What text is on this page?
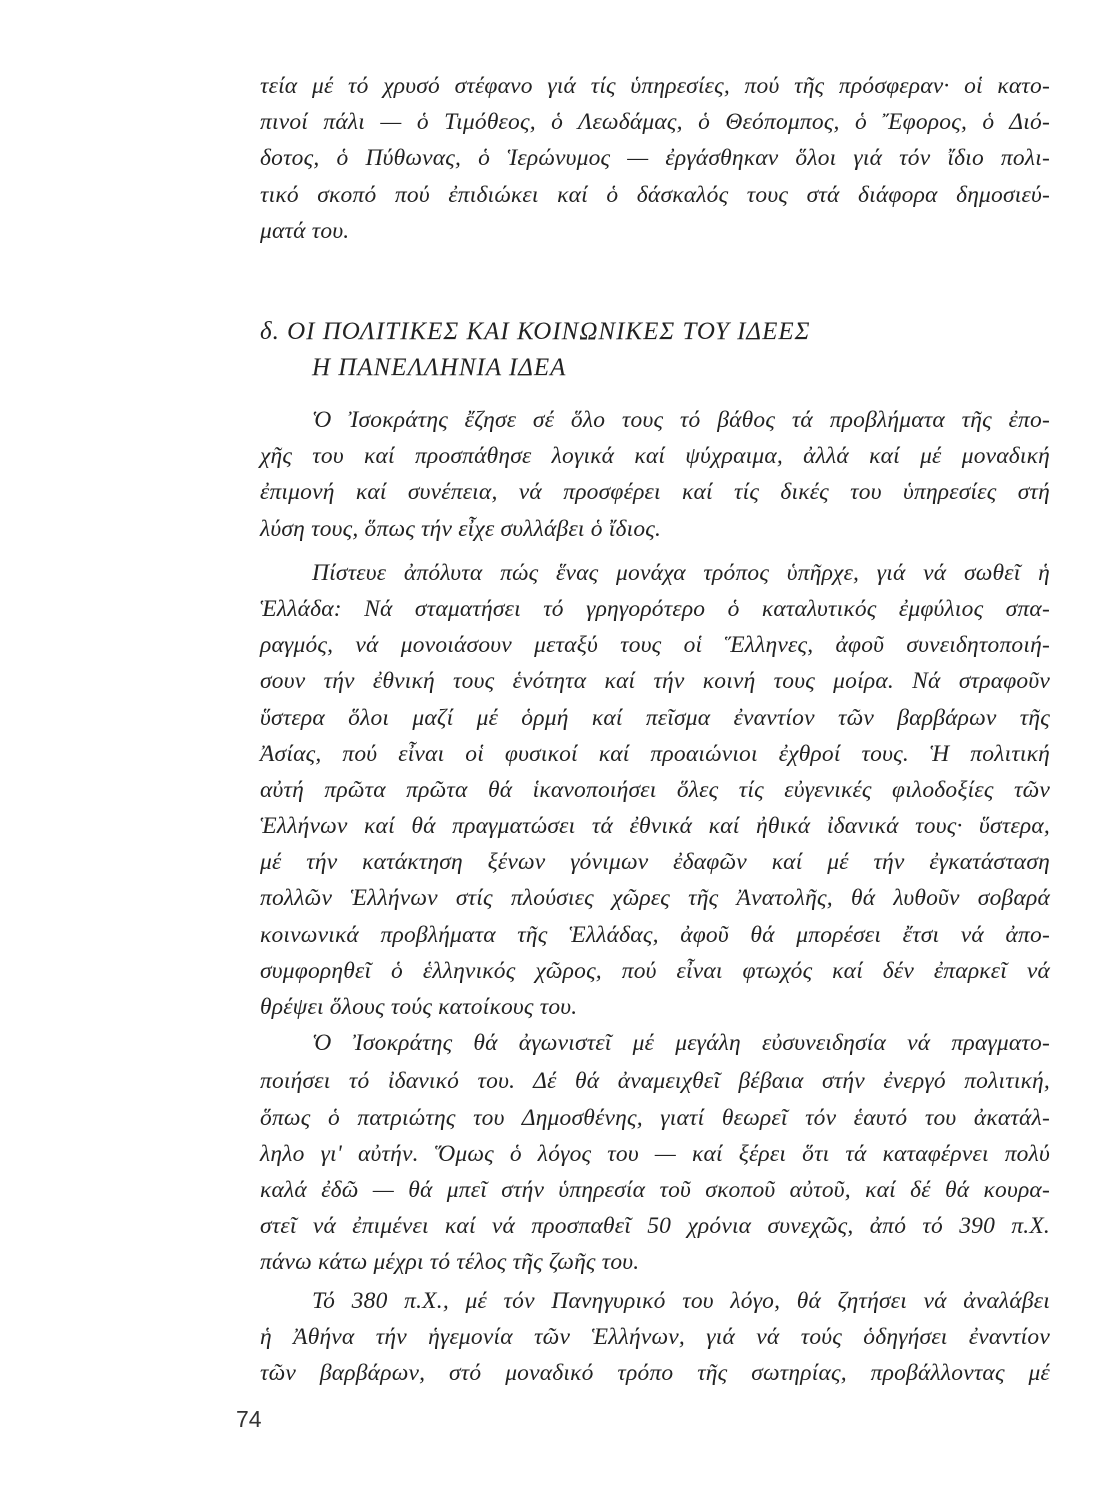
τεία μέ τό χρυσό στέφανο γιά τίς ὑπηρεσίες, πού τῆς πρόσφεραν· οἱ κατο-
πινοί πάλι — ὁ Τιμόθεος, ὁ Λεωδάμας, ὁ Θεόπομπος, ὁ Ἔφορος, ὁ Διό-
δοτος, ὁ Πύθωνας, ὁ Ἱερώνυμος — ἐργάσθηκαν ὅλοι γιά τόν ἴδιο πολι-
τικό σκοπό πού ἐπιδιώκει καί ὁ δάσκαλός τους στά διάφορα δημοσιεύ-
ματά του.
δ. ΟΙ ΠΟΛΙΤΙΚΕΣ ΚΑΙ ΚΟΙΝΩΝΙΚΕΣ ΤΟΥ ΙΔΕΕΣ
Η ΠΑΝΕΛΛΗΝΙΑ ΙΔΕΑ
Ὁ Ἰσοκράτης ἔζησε σέ ὅλο τους τό βάθος τά προβλήματα τῆς ἐπο-
χῆς του καί προσπάθησε λογικά καί ψύχραιμα, ἀλλά καί μέ μοναδική
ἐπιμονή καί συνέπεια, νά προσφέρει καί τίς δικές του ὑπηρεσίες στή
λύση τους, ὅπως τήν εἶχε συλλάβει ὁ ἴδιος.
Πίστευε ἀπόλυτα πώς ἕνας μονάχα τρόπος ὑπῆρχε, γιά νά σωθεῖ ἡ
Ἑλλάδα: Νά σταματήσει τό γρηγορότερο ὁ καταλυτικός ἐμφύλιος σπα-
ραγμός, νά μονοιάσουν μεταξύ τους οἱ Ἕλληνες, ἀφοῦ συνειδητοποιή-
σουν τήν ἐθνική τους ἑνότητα καί τήν κοινή τους μοίρα. Νά στραφοῦν
ὕστερα ὅλοι μαζί μέ ὁρμή καί πεῖσμα ἐναντίον τῶν βαρβάρων τῆς
Ἀσίας, πού εἶναι οἱ φυσικοί καί προαιώνιοι ἐχθροί τους. Ἡ πολιτική
αὐτή πρῶτα πρῶτα θά ἱκανοποιήσει ὅλες τίς εὐγενικές φιλοδοξίες τῶν
Ἑλλήνων καί θά πραγματώσει τά ἐθνικά καί ἠθικά ἰδανικά τους· ὕστερα,
μέ τήν κατάκτηση ξένων γόνιμων ἐδαφῶν καί μέ τήν ἐγκατάσταση
πολλῶν Ἑλλήνων στίς πλούσιες χῶρες τῆς Ἀνατολῆς, θά λυθοῦν σοβαρά
κοινωνικά προβλήματα τῆς Ἑλλάδας, ἀφοῦ θά μπορέσει ἔτσι νά ἀπο-
συμφορηθεῖ ὁ ἑλληνικός χῶρος, πού εἶναι φτωχός καί δέν ἐπαρκεῖ νά
θρέψει ὅλους τούς κατοίκους του.
Ὁ Ἰσοκράτης θά ἀγωνιστεῖ μέ μεγάλη εὐσυνειδησία νά πραγματο-
ποιήσει τό ἰδανικό του. Δέ θά ἀναμειχθεῖ βέβαια στήν ἐνεργό πολιτική,
ὅπως ὁ πατριώτης του Δημοσθένης, γιατί θεωρεῖ τόν ἑαυτό του ἀκατάλ-
ληλο γι' αὐτήν. Ὅμως ὁ λόγος του — καί ξέρει ὅτι τά καταφέρνει πολύ
καλά ἐδῶ — θά μπεῖ στήν ὑπηρεσία τοῦ σκοποῦ αὐτοῦ, καί δέ θά κουρα-
στεῖ νά ἐπιμένει καί νά προσπαθεῖ 50 χρόνια συνεχῶς, ἀπό τό 390 π.Χ.
πάνω κάτω μέχρι τό τέλος τῆς ζωῆς του.
Τό 380 π.Χ., μέ τόν Πανηγυρικό του λόγο, θά ζητήσει νά ἀναλάβει
ἡ Ἀθήνα τήν ἡγεμονία τῶν Ἑλλήνων, γιά νά τούς ὁδηγήσει ἐναντίον
τῶν βαρβάρων, στό μοναδικό τρόπο τῆς σωτηρίας, προβάλλοντας μέ
74
